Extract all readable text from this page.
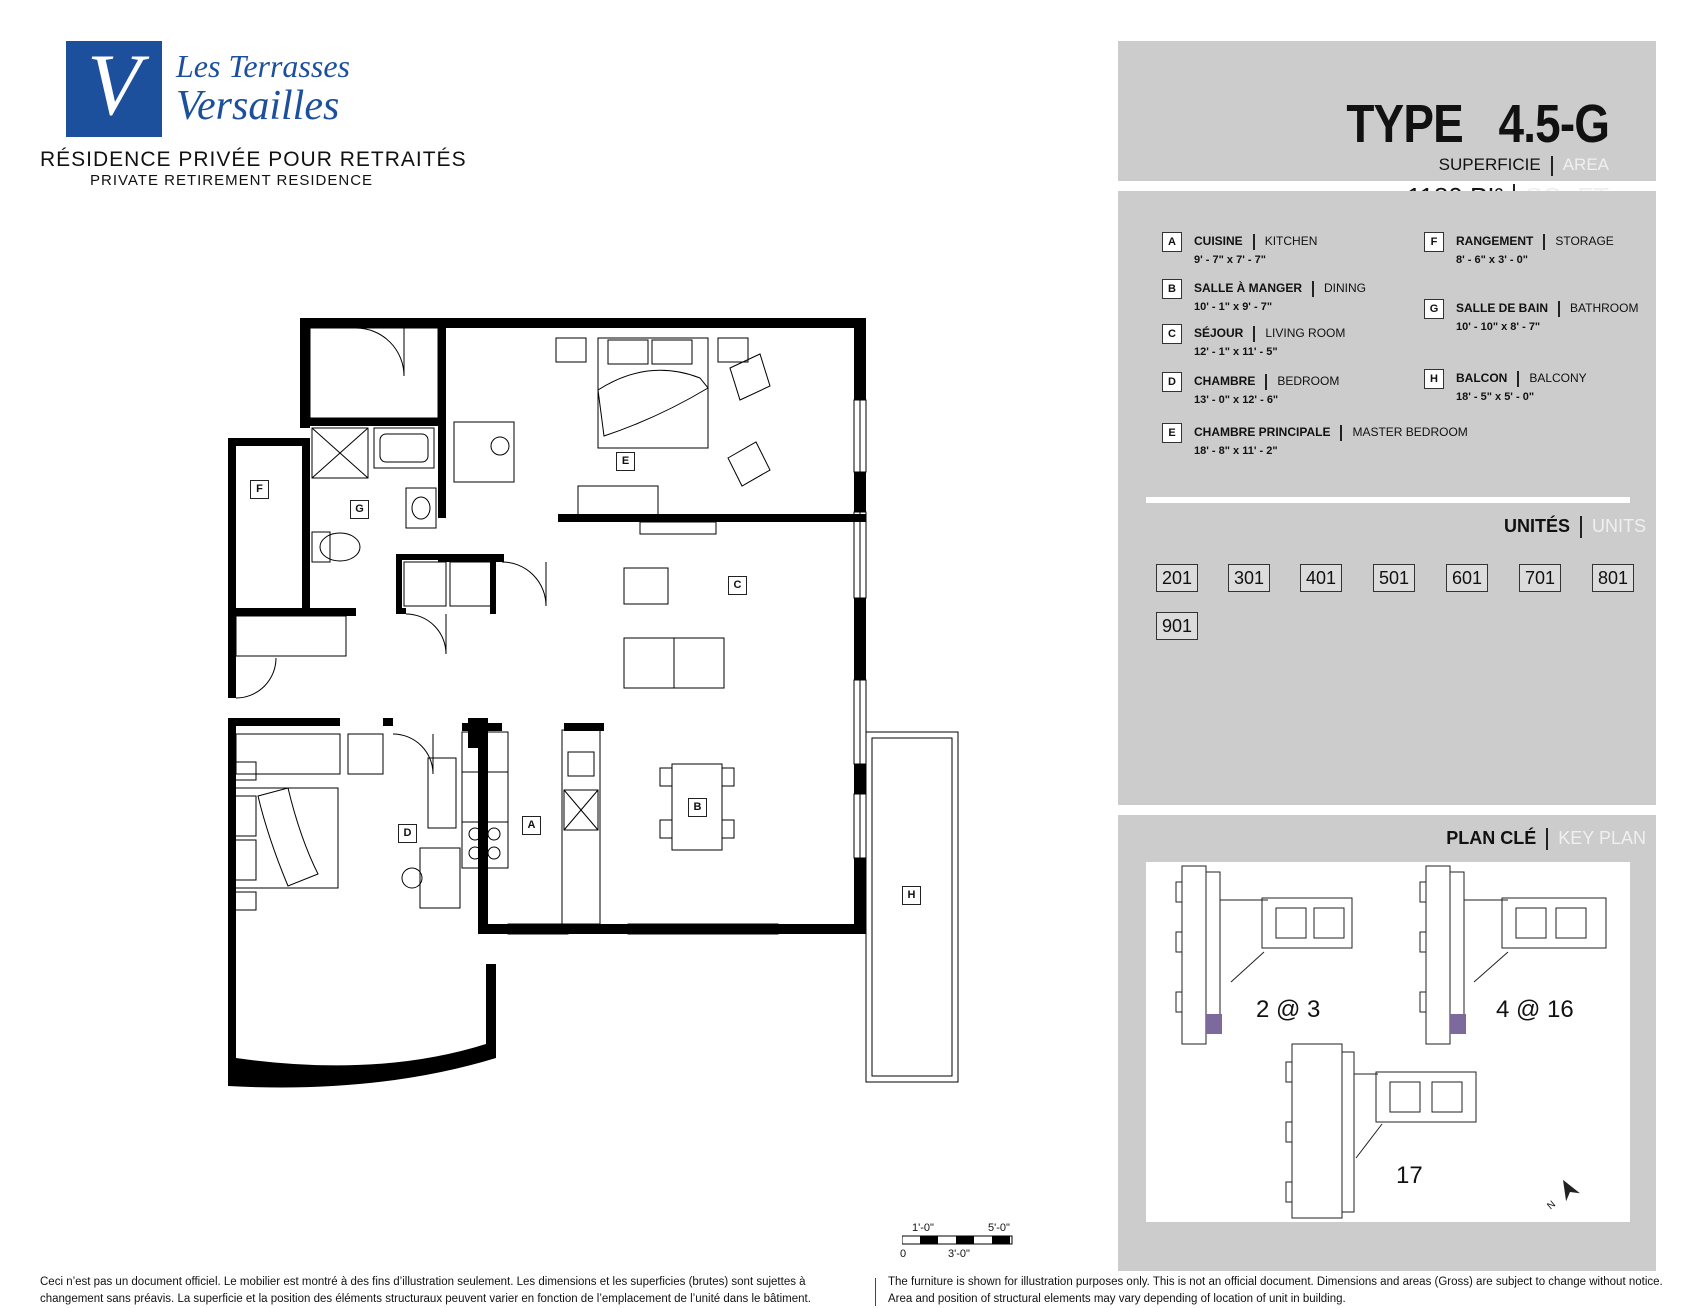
V	Les Terrasses
Versailles
RÉSIDENCE PRIVÉE POUR RETRAITÉS
PRIVATE RETIREMENT RESIDENCE
TYPE   4.5-G
SUPERFICIE AREA
A	CUISINE KITCHEN
9' - 7" x 7' - 7"
B	SALLE À MANGER DINING
10' - 1" x 9' - 7"
C	SÉJOUR LIVING ROOM
12' - 1" x 11' - 5"
D	CHAMBRE BEDROOM
13' - 0" x 12' - 6"
E	CHAMBRE PRINCIPALE MASTER BEDROOM
18' - 8" x 11' - 2"
F	RANGEMENT STORAGE
8' - 6" x 3' - 0"
G	SALLE DE BAIN BATHROOM
10' - 10" x 8' - 7"
H	BALCON BALCONY
18' - 5" x 5' - 0"
UNITÉS UNITS
201	301	401	501	601	701	801
901
PLAN CLÉ KEY PLAN
2 @ 3	4 @ 16
17
N
A
B
C
D
E
F
G
H
1'-0"	5'-0"
0	3'-0"
Ceci n’est pas un document officiel. Le mobilier est montré à des fins d’illustration seulement. Les dimensions et les superficies (brutes) sont sujettes à
changement sans préavis. La superficie et la position des éléments structuraux peuvent varier en fonction de l’emplacement de l’unité dans le bâtiment.
The furniture is shown for illustration purposes only. This is not an official document. Dimensions and areas (Gross) are subject to change without notice.
Area and position of structural elements may vary depending of location of unit in building.
